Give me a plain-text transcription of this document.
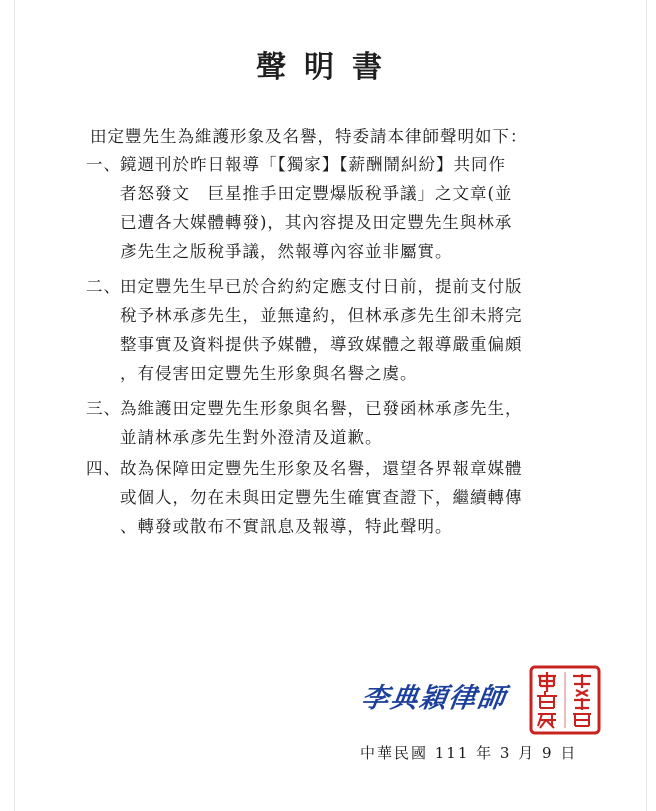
聲明書
田定豐先生為維護形象及名譽，特委請本律師聲明如下：
一、鏡週刊於昨日報導「【獨家】【薪酬鬧糾紛】共同作
者怒發文　巨星推手田定豐爆版稅爭議」之文章(並
已遭各大媒體轉發)，其內容提及田定豐先生與林承
彥先生之版稅爭議，然報導內容並非屬實。
二、田定豐先生早已於合約約定應支付日前，提前支付版
稅予林承彥先生，並無違約，但林承彥先生卻未將完
整事實及資料提供予媒體，導致媒體之報導嚴重偏頗
，有侵害田定豐先生形象與名譽之虞。
三、為維護田定豐先生形象與名譽，已發函林承彥先生，
並請林承彥先生對外澄清及道歉。
四、故為保障田定豐先生形象及名譽，還望各界報章媒體
或個人，勿在未與田定豐先生確實查證下，繼續轉傳
、轉發或散布不實訊息及報導，特此聲明。
李典穎律師
中華民國 111 年 3 月 9 日
